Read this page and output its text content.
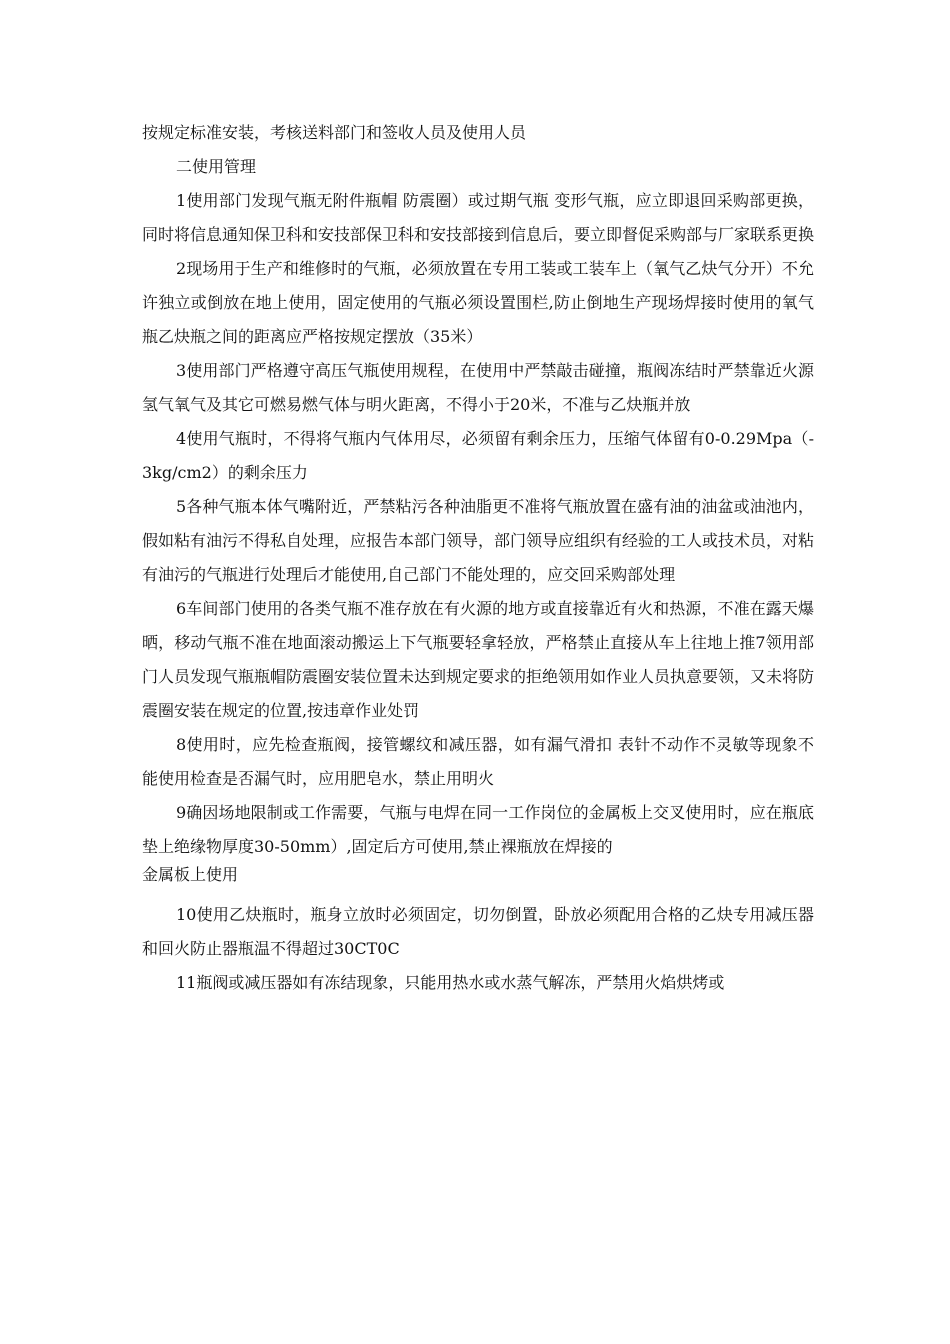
按规定标准安装，考核送料部门和签收人员及使用人员

二使用管理

1使用部门发现气瓶无附件瓶帽 防震圈）或过期气瓶 变形气瓶，应立即退回采购部更换，同时将信息通知保卫科和安技部保卫科和安技部接到信息后，要立即督促采购部与厂家联系更换

2现场用于生产和维修时的气瓶，必须放置在专用工装或工装车上（氧气乙炔气分开）不允许独立或倒放在地上使用，固定使用的气瓶必须设置围栏,防止倒地生产现场焊接时使用的氧气瓶乙炔瓶之间的距离应严格按规定摆放（35米）

3使用部门严格遵守高压气瓶使用规程，在使用中严禁敲击碰撞，瓶阀冻结时严禁靠近火源氢气氧气及其它可燃易燃气体与明火距离，不得小于20米，不准与乙炔瓶并放

4使用气瓶时，不得将气瓶内气体用尽，必须留有剩余压力，压缩气体留有0-0.29Mpa（-3kg/cm2）的剩余压力

5各种气瓶本体气嘴附近，严禁粘污各种油脂更不准将气瓶放置在盛有油的油盆或油池内，假如粘有油污不得私自处理，应报告本部门领导，部门领导应组织有经验的工人或技术员，对粘有油污的气瓶进行处理后才能使用,自己部门不能处理的，应交回采购部处理

6车间部门使用的各类气瓶不准存放在有火源的地方或直接靠近有火和热源，不准在露天爆晒，移动气瓶不准在地面滚动搬运上下气瓶要轻拿轻放，严格禁止直接从车上往地上推7领用部门人员发现气瓶瓶帽防震圈安装位置未达到规定要求的拒绝领用如作业人员执意要领，又未将防震圈安装在规定的位置,按违章作业处罚

8使用时，应先检查瓶阀，接管螺纹和减压器，如有漏气滑扣 表针不动作不灵敏等现象不能使用检查是否漏气时，应用肥皂水，禁止用明火

9确因场地限制或工作需要，气瓶与电焊在同一工作岗位的金属板上交叉使用时，应在瓶底垫上绝缘物厚度30-50mm）,固定后方可使用,禁止裸瓶放在焊接的

金属板上使用

10使用乙炔瓶时，瓶身立放时必须固定，切勿倒置，卧放必须配用合格的乙炔专用减压器和回火防止器瓶温不得超过30CT0C

11瓶阀或减压器如有冻结现象，只能用热水或水蒸气解冻，严禁用火焰烘烤或
